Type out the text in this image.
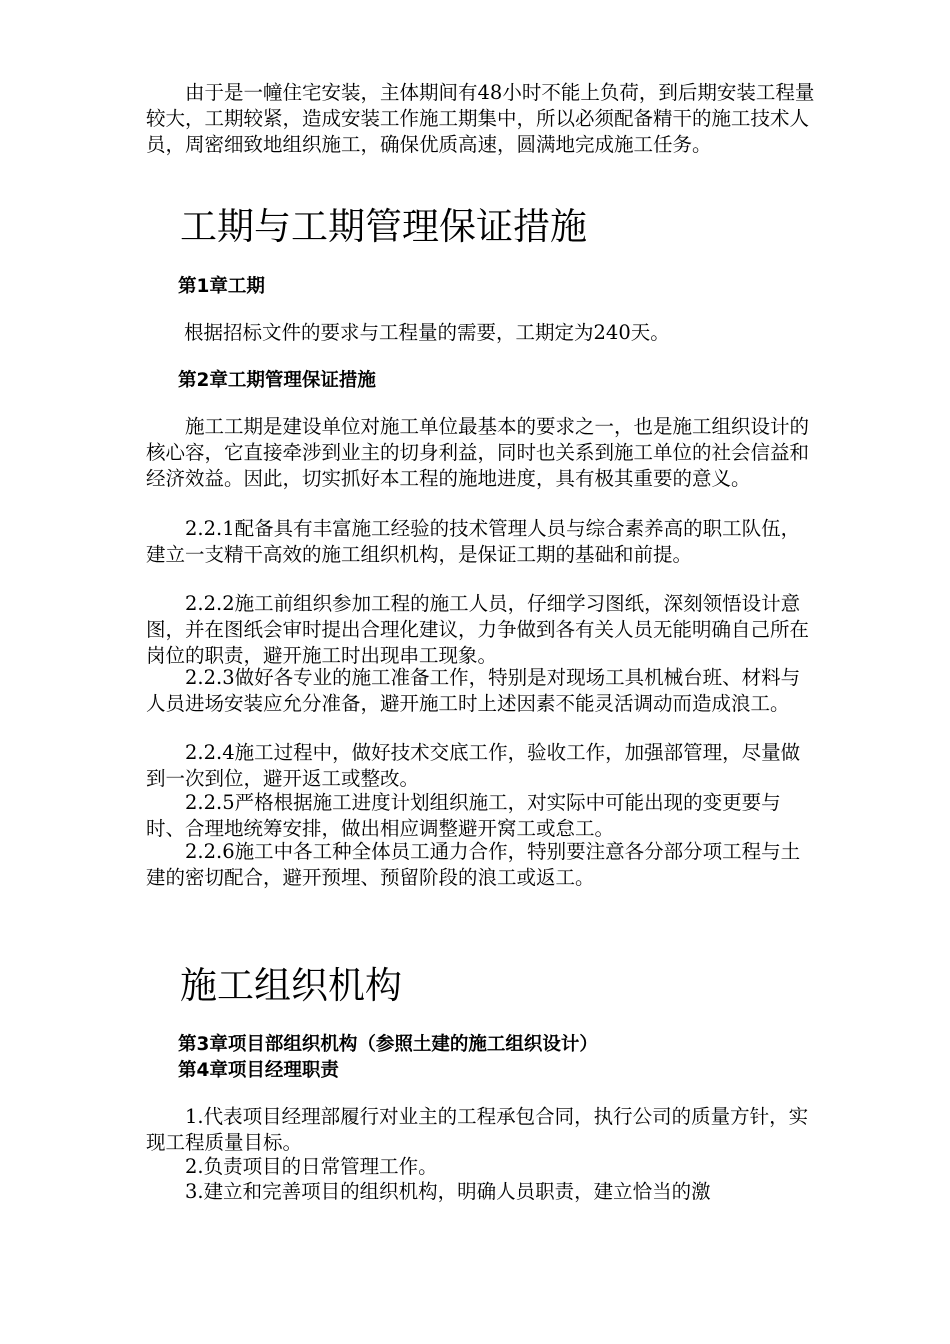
由于是一幢住宅安装，主体期间有48小时不能上负荷，到后期安装工程量较大，工期较紧，造成安装工作施工期集中，所以必须配备精干的施工技术人员，周密细致地组织施工，确保优质高速，圆满地完成施工任务。

工期与工期管理保证措施
第1章工期

根据招标文件的要求与工程量的需要，工期定为240天。

第2章工期管理保证措施

施工工期是建设单位对施工单位最基本的要求之一，也是施工组织设计的核心容，它直接牵涉到业主的切身利益，同时也关系到施工单位的社会信益和经济效益。因此，切实抓好本工程的施地进度，具有极其重要的意义。

2.2.1配备具有丰富施工经验的技术管理人员与综合素养高的职工队伍，建立一支精干高效的施工组织机构，是保证工期的基础和前提。

2.2.2施工前组织参加工程的施工人员，仔细学习图纸，深刻领悟设计意图，并在图纸会审时提出合理化建议，力争做到各有关人员无能明确自己所在岗位的职责，避开施工时出现串工现象。

2.2.3做好各专业的施工准备工作，特别是对现场工具机械台班、材料与人员进场安装应允分准备，避开施工时上述因素不能灵活调动而造成浪工。

2.2.4施工过程中，做好技术交底工作，验收工作，加强部管理，尽量做到一次到位，避开返工或整改。

2.2.5严格根据施工进度计划组织施工，对实际中可能出现的变更要与时、合理地统筹安排，做出相应调整避开窝工或怠工。

2.2.6施工中各工种全体员工通力合作，特别要注意各分部分项工程与土建的密切配合，避开预埋、预留阶段的浪工或返工。

施工组织机构
第3章项目部组织机构（参照土建的施工组织设计）
第4章项目经理职责

1.代表项目经理部履行对业主的工程承包合同，执行公司的质量方针，实现工程质量目标。

2.负责项目的日常管理工作。

3.建立和完善项目的组织机构，明确人员职责，建立恰当的激
